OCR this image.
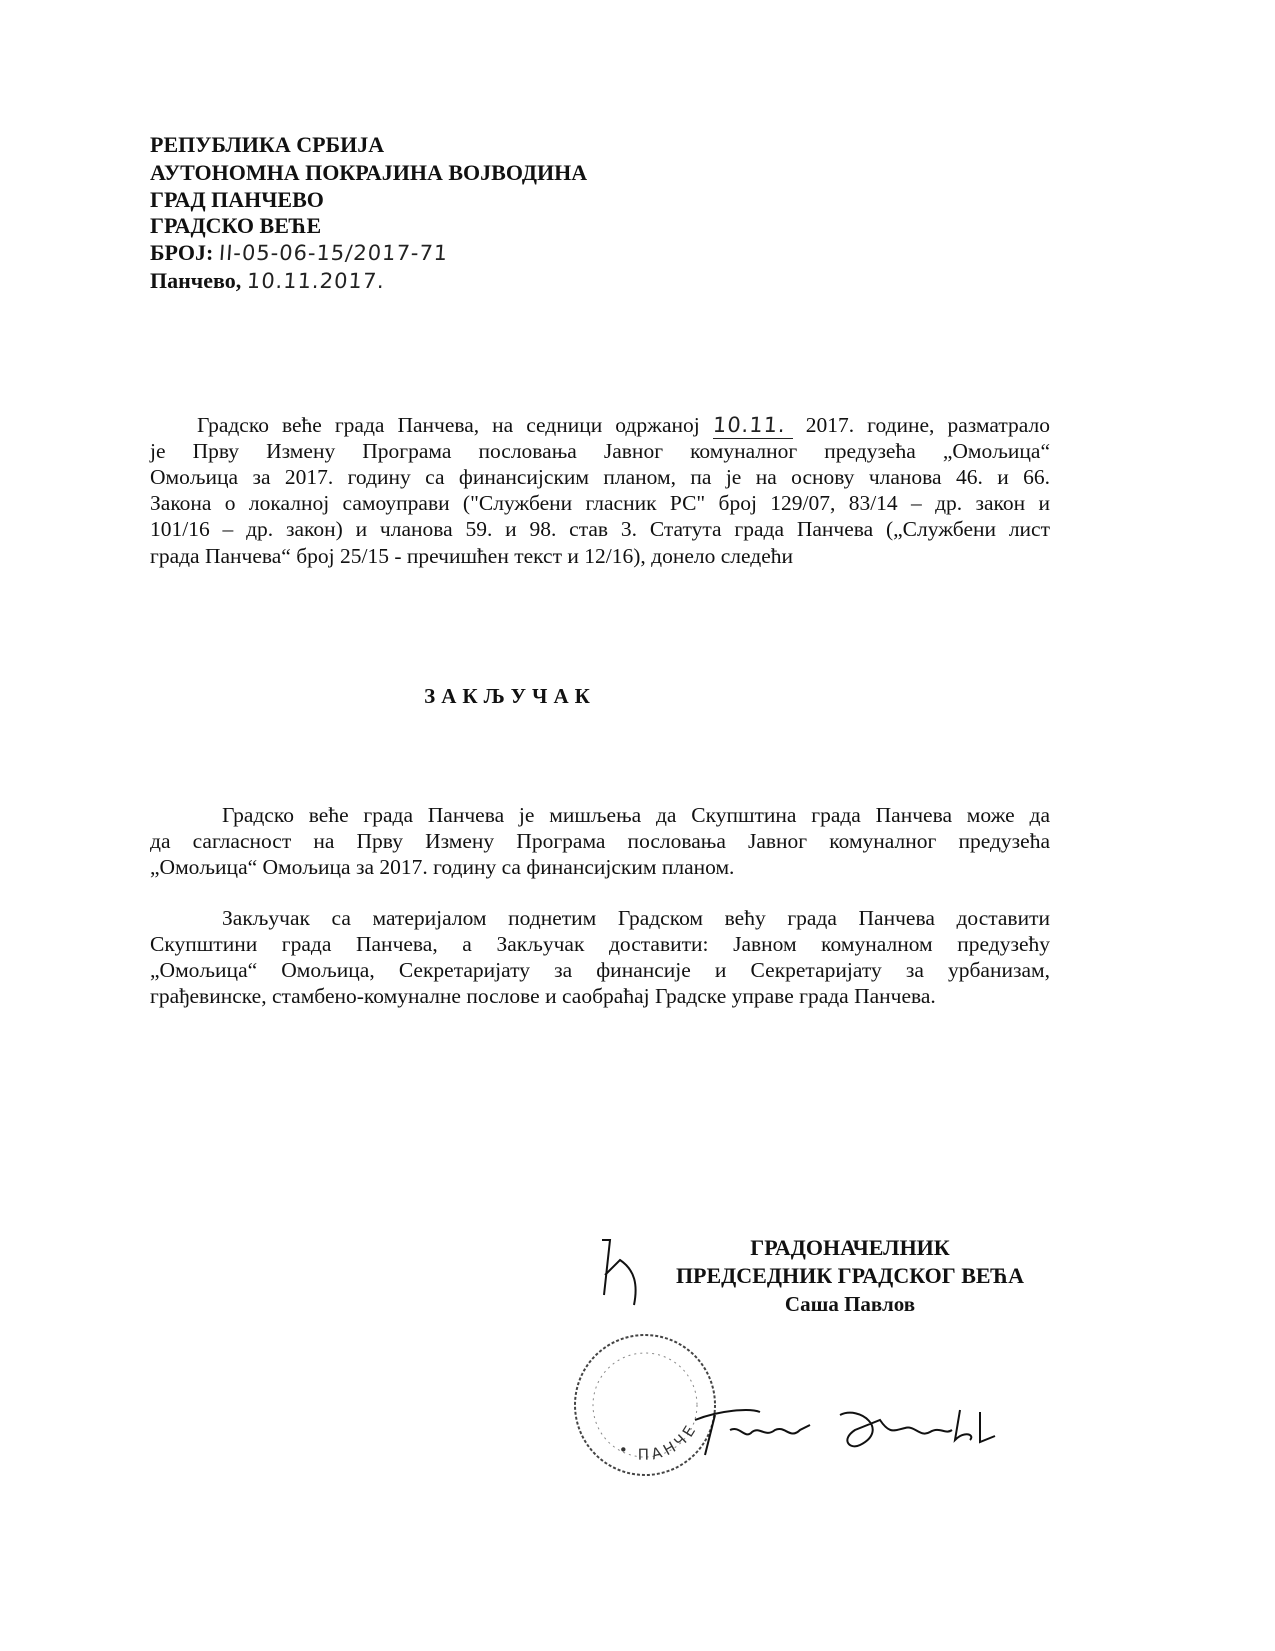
РЕПУБЛИКА СРБИЈА
АУТОНОМНА ПОКРАЈИНА ВОЈВОДИНА
ГРАД ПАНЧЕВО
ГРАДСКО ВЕЋЕ
БРОЈ: II-05-06-15/2017-71
Панчево, 10.11.2017.
Градско веће града Панчева, на седници одржаној 10.11. 2017. године, разматрало
је Прву Измену Програма пословања Јавног комуналног предузећа „Омољица“
Омољица за 2017. годину са финансијским планом, па је на основу чланова 46. и 66.
Закона о локалној самоуправи ("Службени гласник РС" број 129/07, 83/14 – др. закон и
101/16 – др. закон) и чланова 59. и 98. став 3. Статута града Панчева („Службени лист
града Панчева“ број 25/15 - пречишћен текст и 12/16), донело следећи
ЗАКЉУЧАК
Градско веће града Панчева је мишљења да Скупштина града Панчева може да
да сагласност на Прву Измену Програма пословања Јавног комуналног предузећа
„Омољица“ Омољица за 2017. годину са финансијским планом.
Закључак са материјалом поднетим Градском већу града Панчева доставити
Скупштини града Панчева, а Закључак доставити: Јавном комуналном предузећу
„Омољица“ Омољица, Секретаријату за финансије и Секретаријату за урбанизам,
грађевинске, стамбено-комуналне послове и саобраћај Градске управе града Панчева.
ГРАДОНАЧЕЛНИК
ПРЕДСЕДНИК ГРАДСКОГ ВЕЋА
Саша Павлов
• ПАНЧЕ
